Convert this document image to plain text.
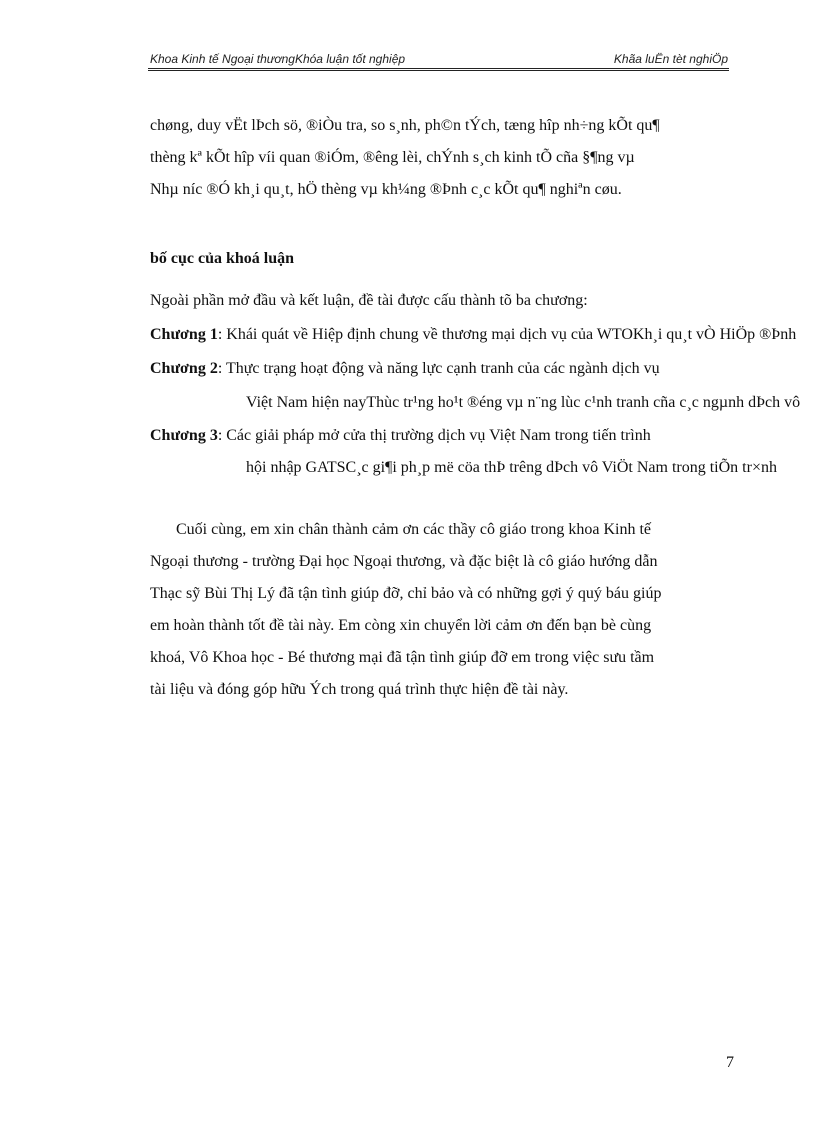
Khoa Kinh tế Ngoại thươngKhóa luận tốt nghiệp	Khãa luËn tèt nghiÖp
chøng, duy vËt lÞch sö, ®iÒu tra, so s¸nh, ph©n tÝch, tæng hîp nh÷ng kÕt qu¶
thèng kª kÕt hîp víi quan ®iÓm, ®êng lèi, chÝnh s¸ch kinh tÕ cña §¶ng vµ
Nhµ níc ®Ó kh¸i qu¸t, hÖ thèng vµ kh¼ng ®Þnh c¸c kÕt qu¶ nghiªn cøu.
bố cục của khoá luận
Ngoài phần mở đầu và kết luận, đề tài được cấu thành tõ ba chương:
Chương 1: Khái quát về Hiệp định chung về thương mại dịch vụ của WTOKh¸i qu¸t vÒ HiÖp ®Þnh
Chương 2: Thực trạng hoạt động và năng lực cạnh tranh của các ngành dịch vụ
Việt Nam hiện nayThùc tr¹ng ho¹t ®éng vµ n¨ng lùc c¹nh tranh cña c¸c ngµnh dÞch vô
Chương 3: Các giải pháp mở cửa thị trường dịch vụ Việt Nam trong tiến trình
hội nhập GATSC¸c gi¶i ph¸p më cöa thÞ trêng dÞch vô ViÖt Nam trong tiÕn tr×nh
Cuối cùng, em xin chân thành cảm ơn các thầy cô giáo trong khoa Kinh tế
Ngoại thương - trường Đại học Ngoại thương, và đặc biệt là cô giáo hướng dẫn
Thạc sỹ Bùi Thị Lý đã tận tình giúp đỡ, chỉ bảo và có những gợi ý quý báu giúp
em hoàn thành tốt đề tài này. Em còng xin chuyển lời cảm ơn đến bạn bè cùng
khoá, Vô Khoa học - Bé thương mại đã tận tình giúp đỡ em trong việc sưu tầm
tài liệu và đóng góp hữu Ých trong quá trình thực hiện đề tài này.
7
